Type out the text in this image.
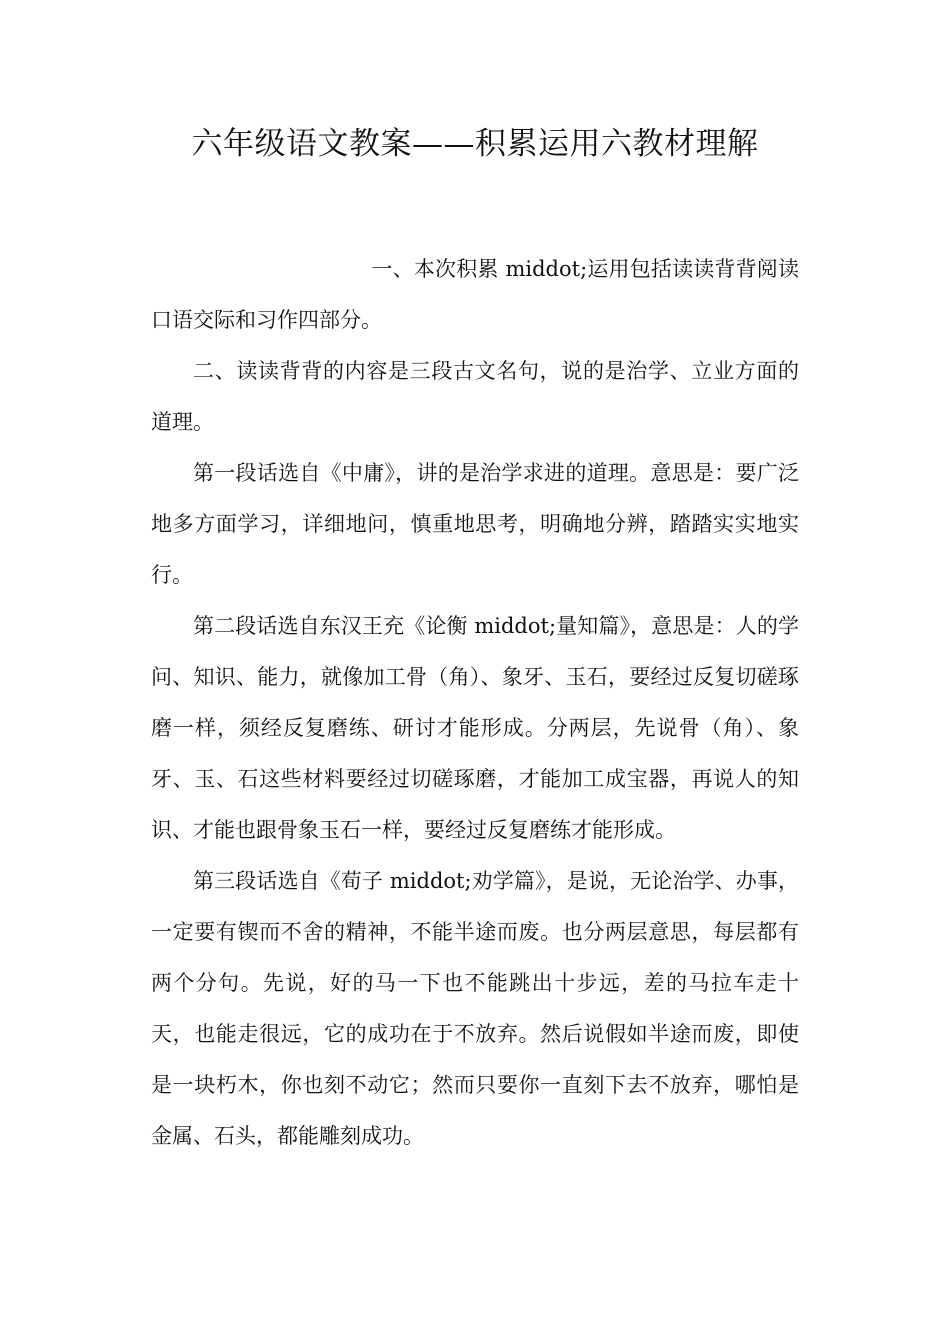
六年级语文教案——积累运用六教材理解

一、本次积累 middot;运用包括读读背背阅读口语交际和习作四部分。

二、读读背背的内容是三段古文名句，说的是治学、立业方面的道理。

第一段话选自《中庸》，讲的是治学求进的道理。意思是：要广泛地多方面学习，详细地问，慎重地思考，明确地分辨，踏踏实实地实行。

第二段话选自东汉王充《论衡 middot;量知篇》，意思是：人的学问、知识、能力，就像加工骨（角）、象牙、玉石，要经过反复切磋琢磨一样，须经反复磨练、研讨才能形成。分两层，先说骨（角）、象牙、玉、石这些材料要经过切磋琢磨，才能加工成宝器，再说人的知识、才能也跟骨象玉石一样，要经过反复磨练才能形成。

第三段话选自《荀子 middot;劝学篇》，是说，无论治学、办事，一定要有锲而不舍的精神，不能半途而废。也分两层意思，每层都有两个分句。先说，好的马一下也不能跳出十步远，差的马拉车走十天，也能走很远，它的成功在于不放弃。然后说假如半途而废，即使是一块朽木，你也刻不动它；然而只要你一直刻下去不放弃，哪怕是金属、石头，都能雕刻成功。
